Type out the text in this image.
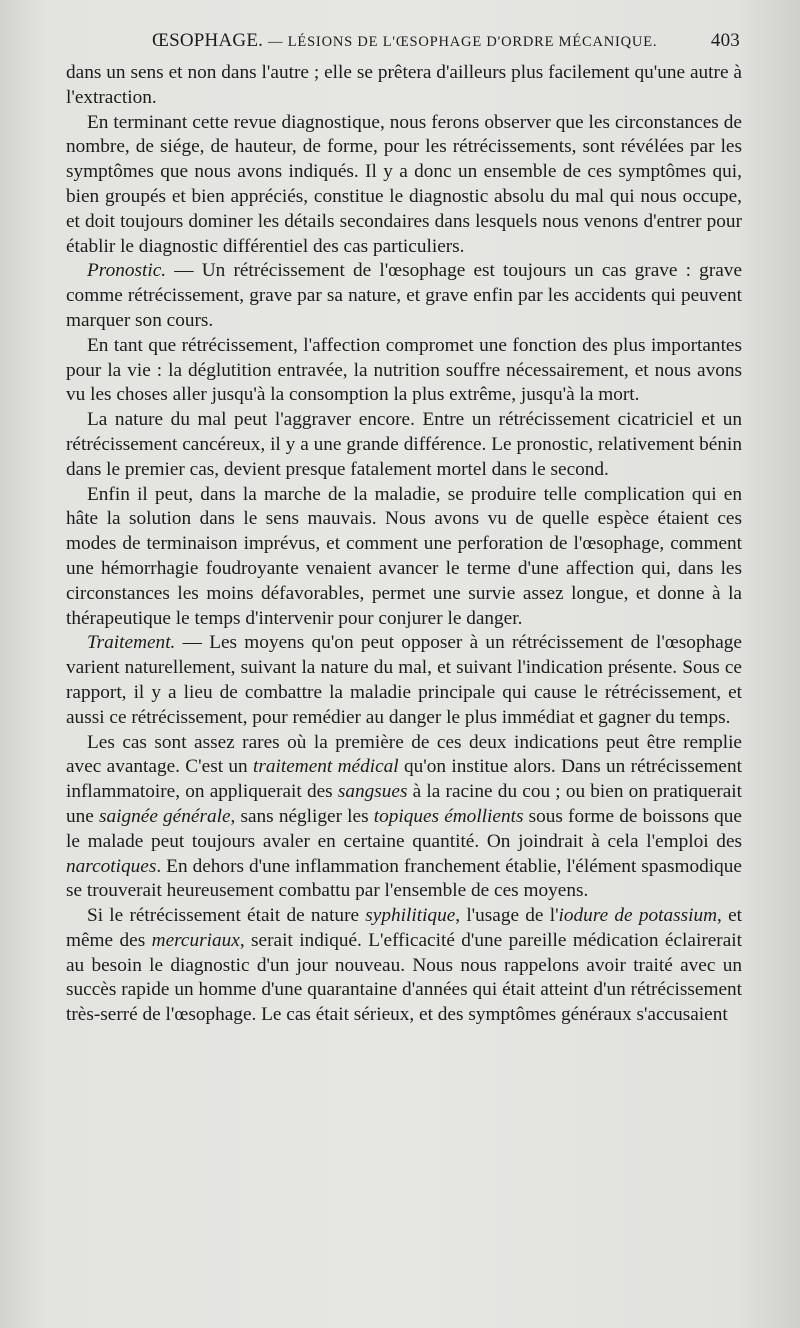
ŒSOPHAGE. — LÉSIONS DE L'ŒSOPHAGE D'ORDRE MÉCANIQUE.	403

dans un sens et non dans l'autre ; elle se prêtera d'ailleurs plus facilement qu'une autre à l'extraction.

En terminant cette revue diagnostique, nous ferons observer que les circonstances de nombre, de siége, de hauteur, de forme, pour les rétrécissements, sont révélées par les symptômes que nous avons indiqués. Il y a donc un ensemble de ces symptômes qui, bien groupés et bien appréciés, constitue le diagnostic absolu du mal qui nous occupe, et doit toujours dominer les détails secondaires dans lesquels nous venons d'entrer pour établir le diagnostic différentiel des cas particuliers.

Pronostic. — Un rétrécissement de l'œsophage est toujours un cas grave : grave comme rétrécissement, grave par sa nature, et grave enfin par les accidents qui peuvent marquer son cours.

En tant que rétrécissement, l'affection compromet une fonction des plus importantes pour la vie : la déglutition entravée, la nutrition souffre nécessairement, et nous avons vu les choses aller jusqu'à la consomption la plus extrême, jusqu'à la mort.

La nature du mal peut l'aggraver encore. Entre un rétrécissement cicatriciel et un rétrécissement cancéreux, il y a une grande différence. Le pronostic, relativement bénin dans le premier cas, devient presque fatalement mortel dans le second.

Enfin il peut, dans la marche de la maladie, se produire telle complication qui en hâte la solution dans le sens mauvais. Nous avons vu de quelle espèce étaient ces modes de terminaison imprévus, et comment une perforation de l'œsophage, comment une hémorrhagie foudroyante venaient avancer le terme d'une affection qui, dans les circonstances les moins défavorables, permet une survie assez longue, et donne à la thérapeutique le temps d'intervenir pour conjurer le danger.

Traitement. — Les moyens qu'on peut opposer à un rétrécissement de l'œsophage varient naturellement, suivant la nature du mal, et suivant l'indication présente. Sous ce rapport, il y a lieu de combattre la maladie principale qui cause le rétrécissement, et aussi ce rétrécissement, pour remédier au danger le plus immédiat et gagner du temps.

Les cas sont assez rares où la première de ces deux indications peut être remplie avec avantage. C'est un traitement médical qu'on institue alors. Dans un rétrécissement inflammatoire, on appliquerait des sangsues à la racine du cou ; ou bien on pratiquerait une saignée générale, sans négliger les topiques émollients sous forme de boissons que le malade peut toujours avaler en certaine quantité. On joindrait à cela l'emploi des narcotiques. En dehors d'une inflammation franchement établie, l'élément spasmodique se trouverait heureusement combattu par l'ensemble de ces moyens.

Si le rétrécissement était de nature syphilitique, l'usage de l'iodure de potassium, et même des mercuriaux, serait indiqué. L'efficacité d'une pareille médication éclairerait au besoin le diagnostic d'un jour nouveau. Nous nous rappelons avoir traité avec un succès rapide un homme d'une quarantaine d'années qui était atteint d'un rétrécissement très-serré de l'œsophage. Le cas était sérieux, et des symptômes généraux s'accusaient
